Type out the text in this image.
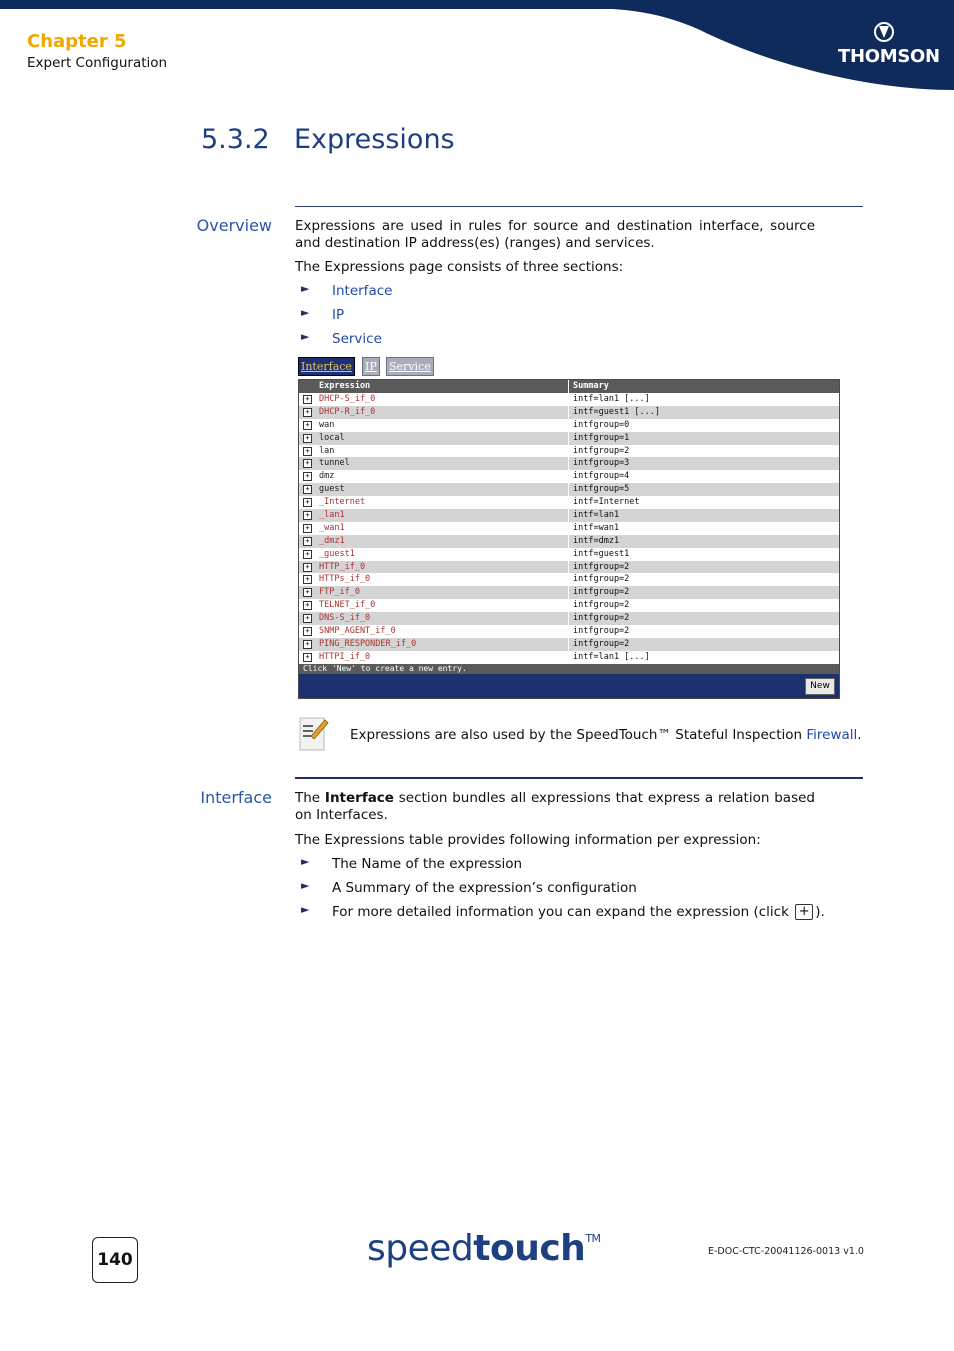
Chapter 5
Expert Configuration	THOMSON
5.3.2 Expressions
Overview Expressions are used in rules for source and destination interface, source and destination IP address(es) (ranges) and services.
The Expressions page consists of three sections:
► Interface
► IP
► Service
Interface IP Service
Expression	Summary
+ DHCP-S_if_0	intf=lan1 [...]
+ DHCP-R_if_0	intf=guest1 [...]
+ wan	intfgroup=0
+ local	intfgroup=1
+ lan	intfgroup=2
+ tunnel	intfgroup=3
+ dmz	intfgroup=4
+ guest	intfgroup=5
+ _Internet	intf=Internet
+ _lan1	intf=lan1
+ _wan1	intf=wan1
+ _dmz1	intf=dmz1
+ _guest1	intf=guest1
+ HTTP_if_0	intfgroup=2
+ HTTPs_if_0	intfgroup=2
+ FTP_if_0	intfgroup=2
+ TELNET_if_0	intfgroup=2
+ DNS-S_if_0	intfgroup=2
+ SNMP_AGENT_if_0	intfgroup=2
+ PING_RESPONDER_if_0	intfgroup=2
+ HTTPI_if_0	intf=lan1 [...]
Click 'New' to create a new entry.
New
Expressions are also used by the SpeedTouch™ Stateful Inspection Firewall.
Interface The Interface section bundles all expressions that express a relation based on Interfaces.
The Expressions table provides following information per expression:
► The Name of the expression
► A Summary of the expression’s configuration
► For more detailed information you can expand the expression (click + ).
140	speedtouch™
E-DOC-CTC-20041126-0013 v1.0
